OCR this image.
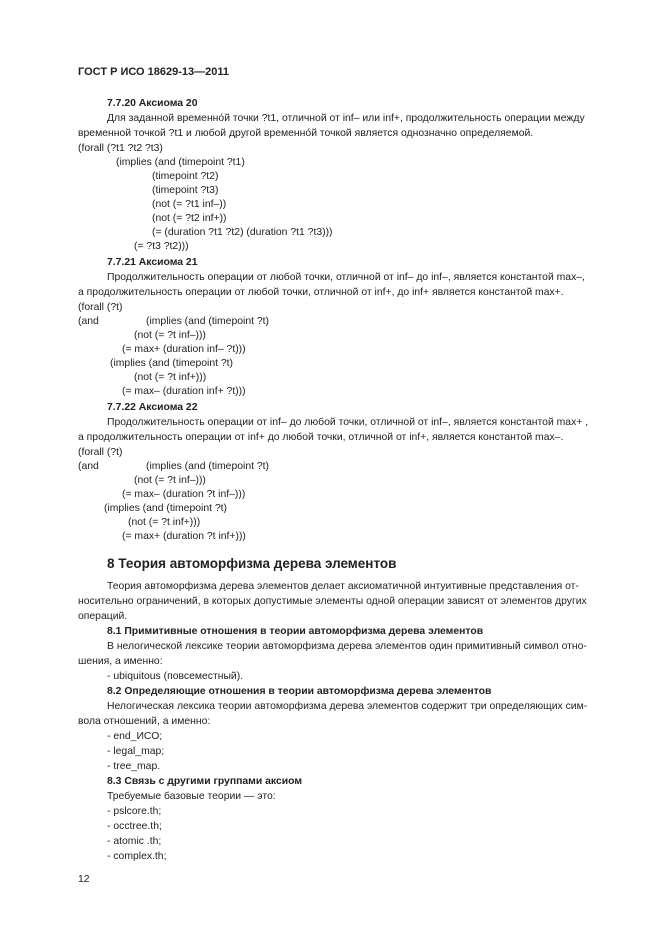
ГОСТ Р ИСО 18629-13—2011
7.7.20 Аксиома 20
Для заданной временно́й точки ?t1, отличной от inf– или inf+, продолжительность операции между
временной точкой ?t1 и любой другой временно́й точкой является однозначно определяемой.
(forall (?t1 ?t2 ?t3)
(implies (and (timepoint ?t1)
(timepoint ?t2)
(timepoint ?t3)
(not (= ?t1 inf–))
(not (= ?t2 inf+))
(= (duration ?t1 ?t2) (duration ?t1 ?t3)))
(= ?t3 ?t2)))
7.7.21 Аксиома 21
Продолжительность операции от любой точки, отличной от inf– до inf–, является константой max–,
а продолжительность операции от любой точки, отличной от inf+, до inf+ является константой max+.
(forall (?t)
(and	(implies (and (timepoint ?t)
(not (= ?t inf–)))
(= max+ (duration inf– ?t)))
(implies (and (timepoint ?t)
(not (= ?t inf+)))
(= max– (duration inf+ ?t)))
7.7.22 Аксиома 22
Продолжительность операции от inf– до любой точки, отличной от inf–, является константой max+ ,
а продолжительность операции от inf+ до любой точки, отличной от inf+, является константой max–.
(forall (?t)
(and	(implies (and (timepoint ?t)
(not (= ?t inf–)))
(= max– (duration ?t inf–)))
(implies (and (timepoint ?t)
(not (= ?t inf+)))
(= max+ (duration ?t inf+)))
8 Теория автоморфизма дерева элементов
Теория автоморфизма дерева элементов делает аксиоматичной интуитивные представления от-
носительно ограничений, в которых допустимые элементы одной операции зависят от элементов других
операций.
8.1 Примитивные отношения в теории автоморфизма дерева элементов
В нелогической лексике теории автоморфизма дерева элементов один примитивный символ отно-
шения, а именно:
- ubiquitous (повсеместный).
8.2 Определяющие отношения в теории автоморфизма дерева элементов
Нелогическая лексика теории автоморфизма дерева элементов содержит три определяющих сим-
вола отношений, а именно:
- end_ИСО;
- legal_map;
- tree_map.
8.3 Связь с другими группами аксиом
Требуемые базовые теории — это:
- pslcore.th;
- occtree.th;
- atomic .th;
- complex.th;
12
